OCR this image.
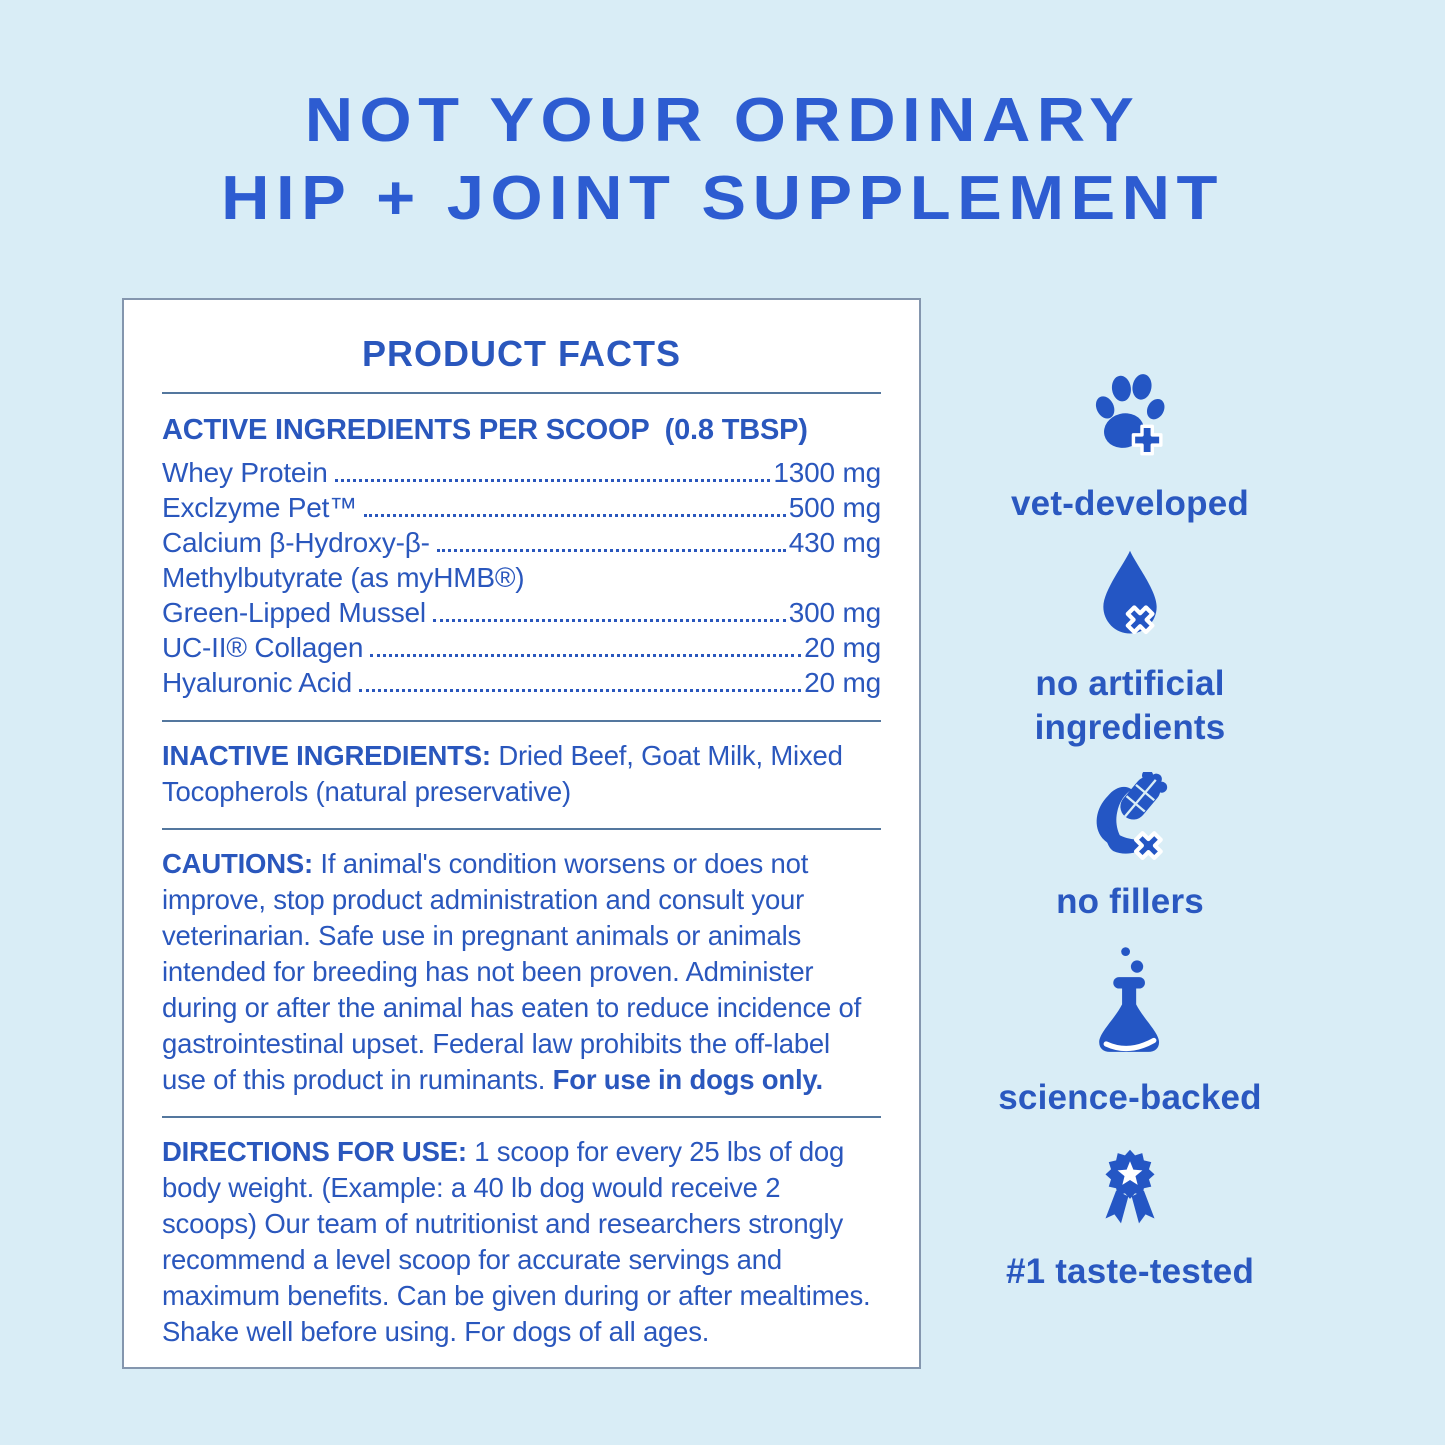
NOT YOUR ORDINARY
HIP + JOINT SUPPLEMENT
PRODUCT FACTS
ACTIVE INGREDIENTS PER SCOOP  (0.8 TBSP)
Whey Protein	1300 mg
Exclzyme Pet™	500 mg
Calcium β-Hydroxy-β-	430 mg
Methylbutyrate (as myHMB®)
Green-Lipped Mussel	300 mg
UC-II® Collagen	20 mg
Hyaluronic Acid	20 mg

INACTIVE INGREDIENTS: Dried Beef, Goat Milk, Mixed Tocopherols (natural preservative)

CAUTIONS: If animal's condition worsens or does not improve, stop product administration and consult your veterinarian. Safe use in pregnant animals or animals intended for breeding has not been proven. Administer during or after the animal has eaten to reduce incidence of gastrointestinal upset. Federal law prohibits the off-label use of this product in ruminants. For use in dogs only.

DIRECTIONS FOR USE: 1 scoop for every 25 lbs of dog body weight. (Example: a 40 lb dog would receive 2 scoops) Our team of nutritionist and researchers strongly recommend a level scoop for accurate servings and maximum benefits. Can be given during or after mealtimes. Shake well before using. For dogs of all ages.

vet-developed
no artificial ingredients
no fillers
science-backed
#1 taste-tested
